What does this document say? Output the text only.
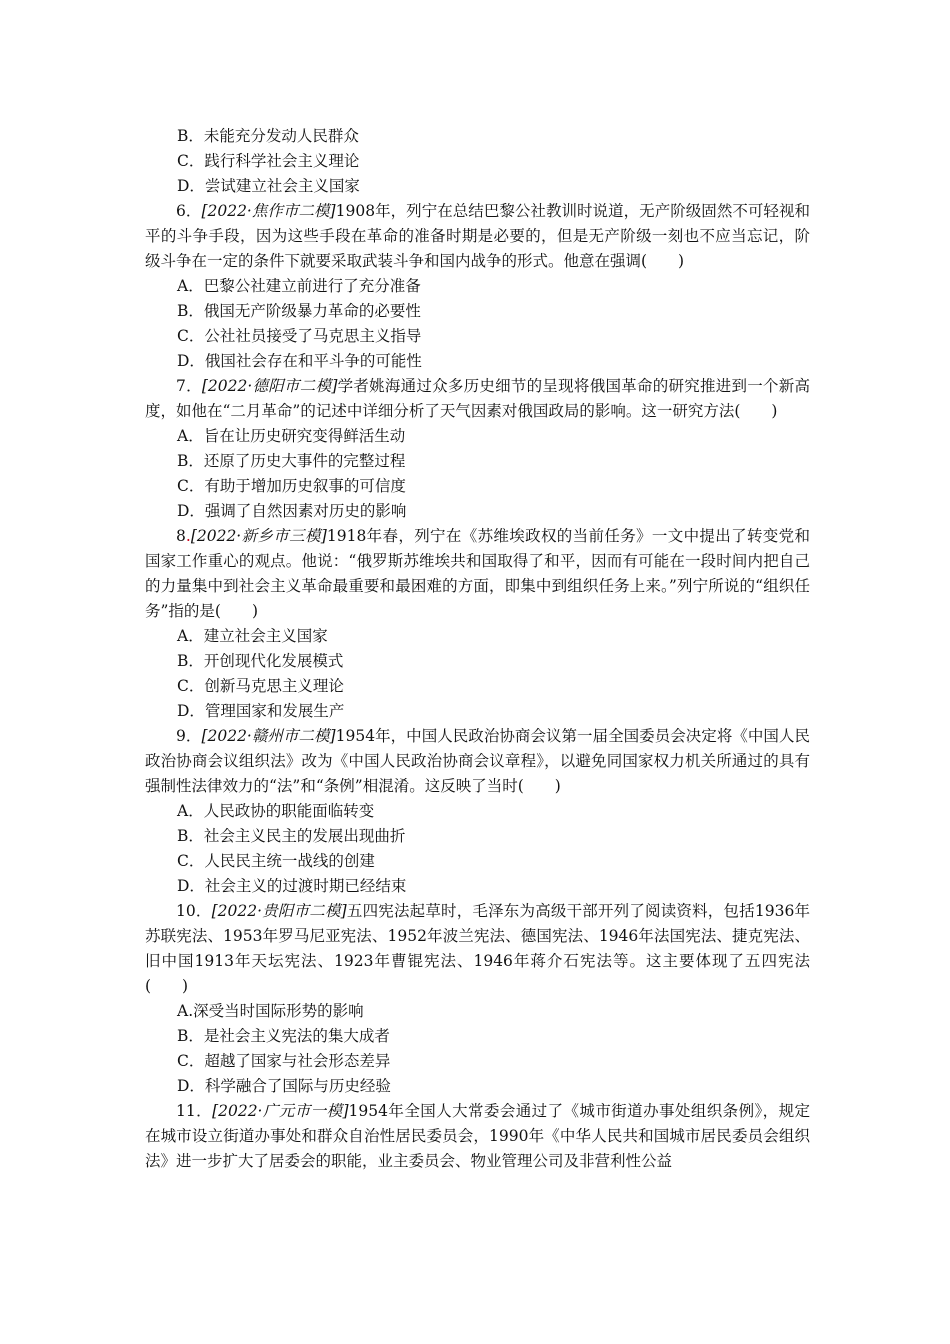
B．未能充分发动人民群众
C．践行科学社会主义理论
D．尝试建立社会主义国家
6．[2022·焦作市二模]1908年，列宁在总结巴黎公社教训时说道，无产阶级固然不可轻视和平的斗争手段，因为这些手段在革命的准备时期是必要的，但是无产阶级一刻也不应当忘记，阶级斗争在一定的条件下就要采取武装斗争和国内战争的形式。他意在强调(　　)
A．巴黎公社建立前进行了充分准备
B．俄国无产阶级暴力革命的必要性
C．公社社员接受了马克思主义指导
D．俄国社会存在和平斗争的可能性
7．[2022·德阳市二模]学者姚海通过众多历史细节的呈现将俄国革命的研究推进到一个新高度，如他在“二月革命”的记述中详细分析了天气因素对俄国政局的影响。这一研究方法(　　)
A．旨在让历史研究变得鲜活生动
B．还原了历史大事件的完整过程
C．有助于增加历史叙事的可信度
D．强调了自然因素对历史的影响
8.[2022·新乡市三模]1918年春，列宁在《苏维埃政权的当前任务》一文中提出了转变党和国家工作重心的观点。他说：“俄罗斯苏维埃共和国取得了和平，因而有可能在一段时间内把自己的力量集中到社会主义革命最重要和最困难的方面，即集中到组织任务上来。”列宁所说的“组织任务”指的是(　　)
A．建立社会主义国家
B．开创现代化发展模式
C．创新马克思主义理论
D．管理国家和发展生产
9．[2022·赣州市二模]1954年，中国人民政治协商会议第一届全国委员会决定将《中国人民政治协商会议组织法》改为《中国人民政治协商会议章程》，以避免同国家权力机关所通过的具有强制性法律效力的“法”和“条例”相混淆。这反映了当时(　　)
A．人民政协的职能面临转变
B．社会主义民主的发展出现曲折
C．人民民主统一战线的创建
D．社会主义的过渡时期已经结束
10．[2022·贵阳市二模]五四宪法起草时，毛泽东为高级干部开列了阅读资料，包括1936年苏联宪法、1953年罗马尼亚宪法、1952年波兰宪法、德国宪法、1946年法国宪法、捷克宪法、旧中国1913年天坛宪法、1923年曹锟宪法、1946年蒋介石宪法等。这主要体现了五四宪法(　　)
A.深受当时国际形势的影响
B．是社会主义宪法的集大成者
C．超越了国家与社会形态差异
D．科学融合了国际与历史经验
11．[2022·广元市一模]1954年全国人大常委会通过了《城市街道办事处组织条例》，规定在城市设立街道办事处和群众自治性居民委员会，1990年《中华人民共和国城市居民委员会组织法》进一步扩大了居委会的职能，业主委员会、物业管理公司及非营利性公益
